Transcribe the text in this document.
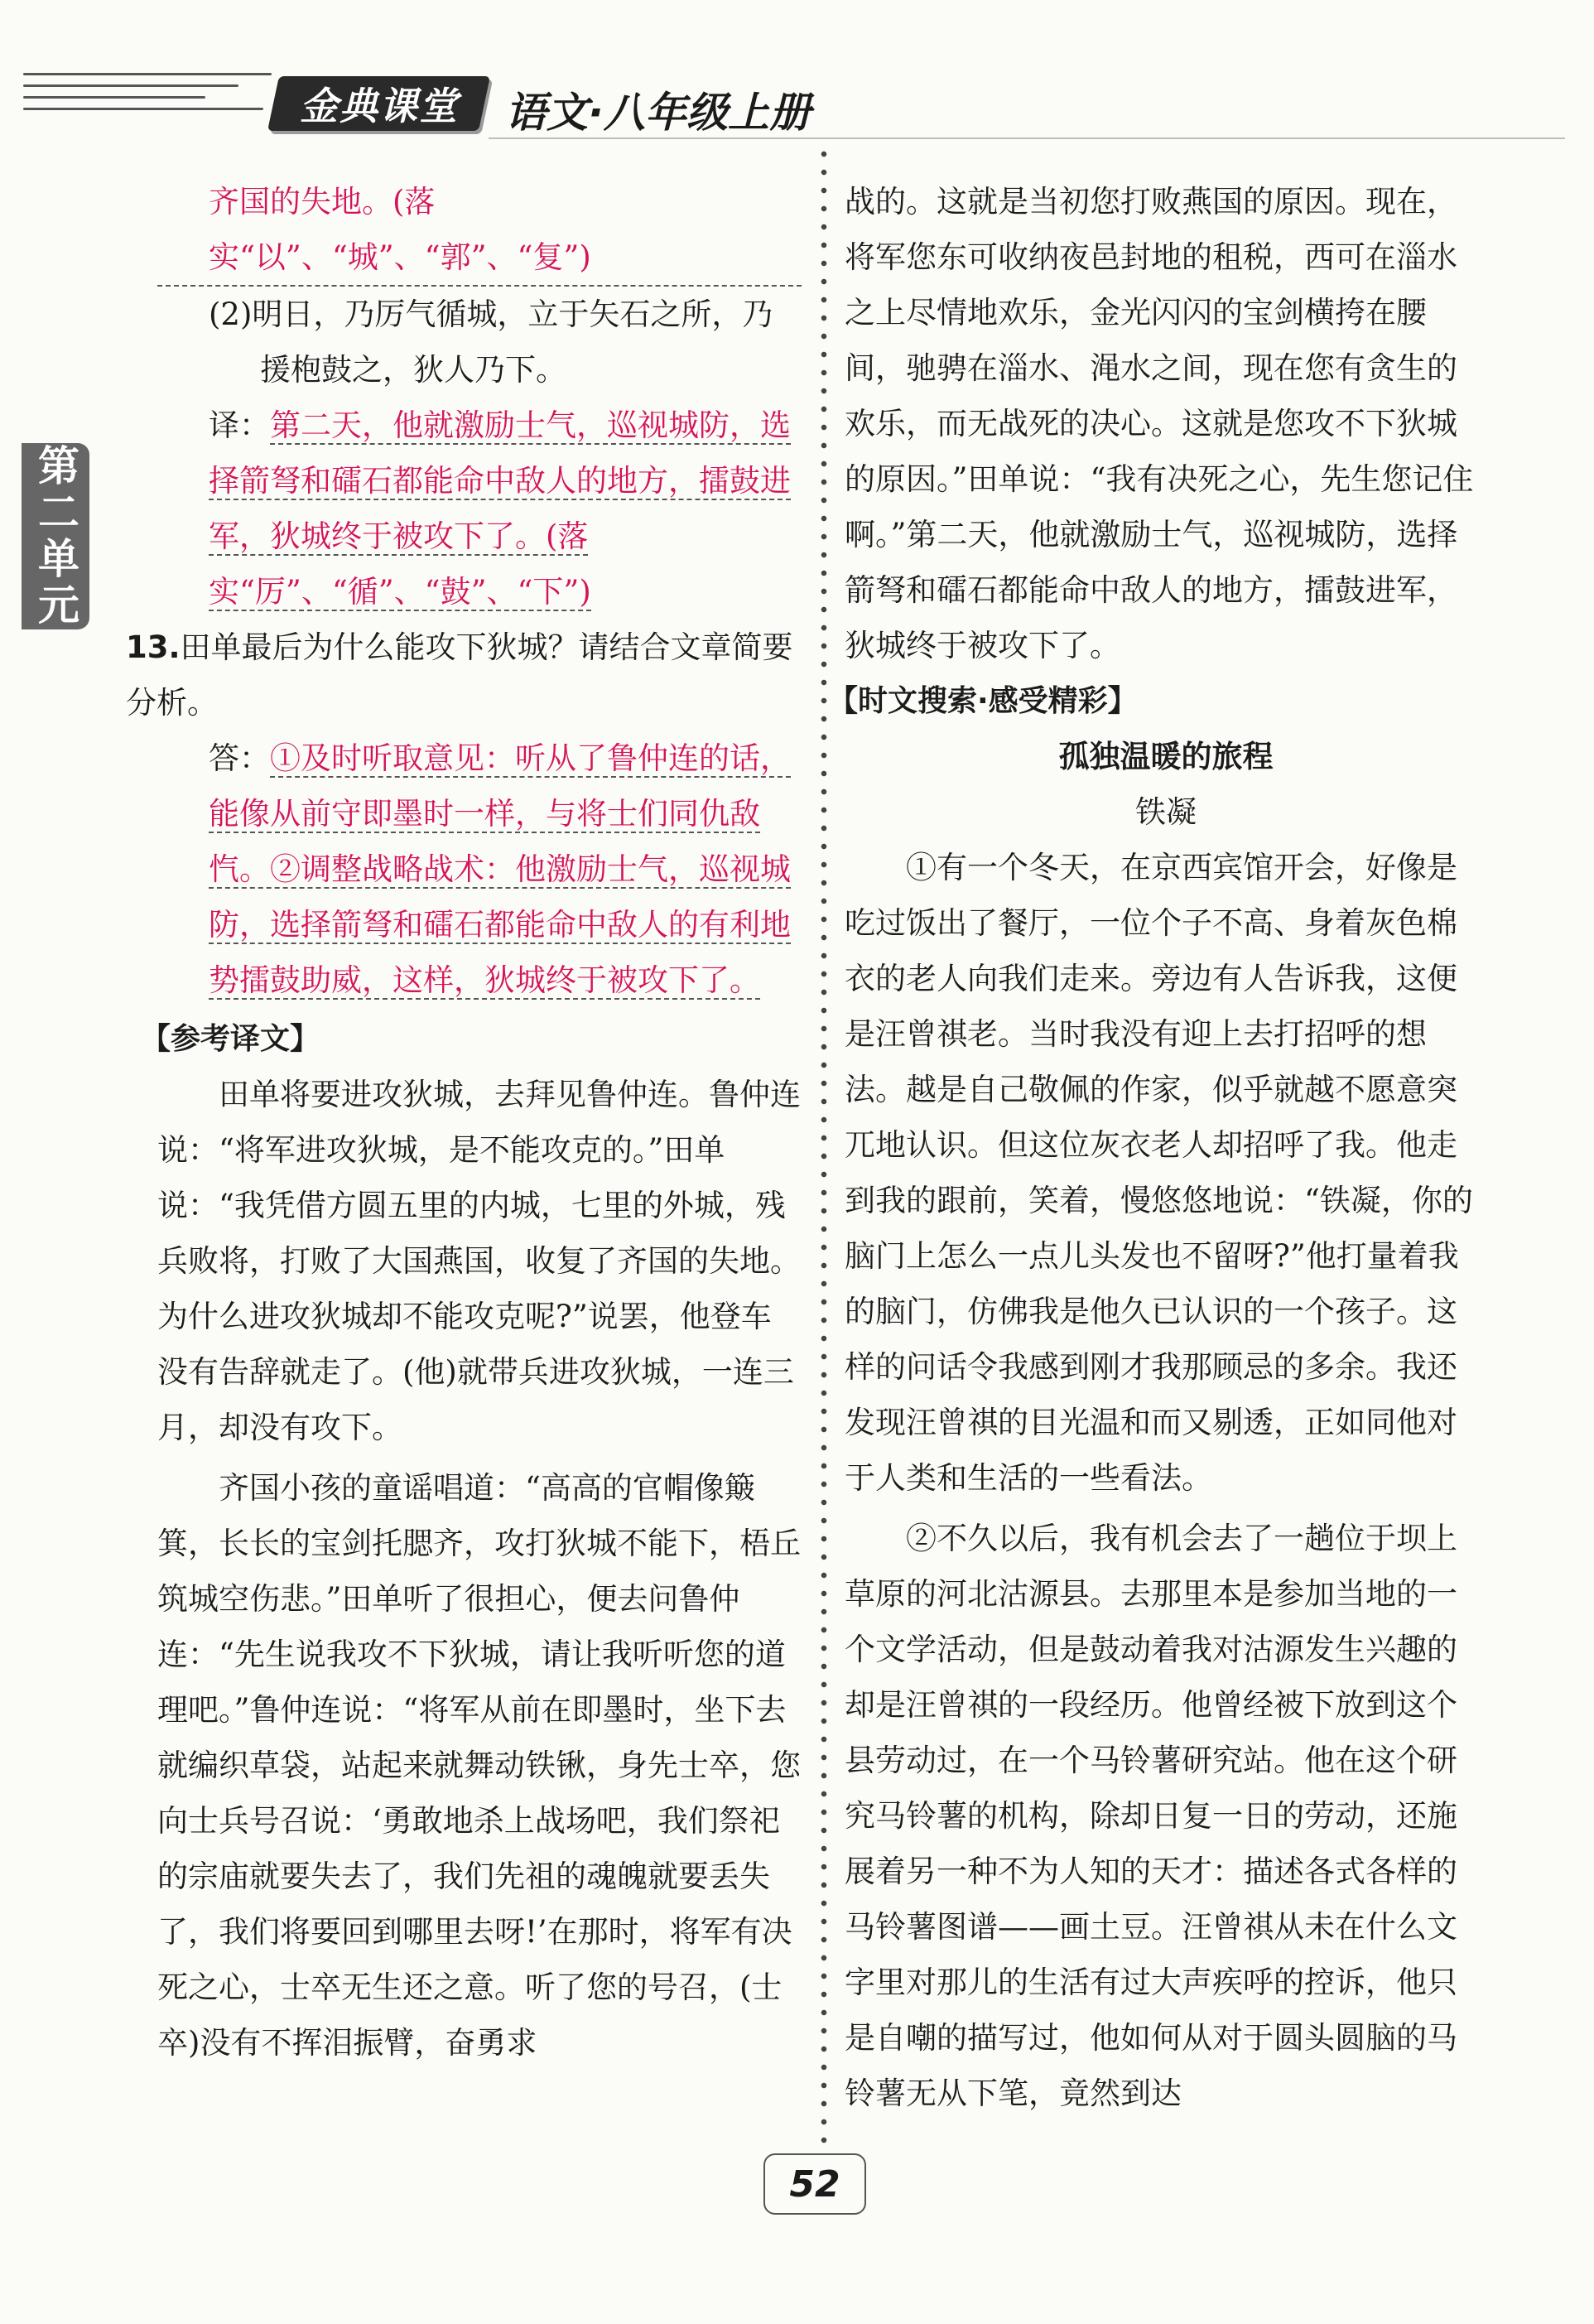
金典课堂 语文·八年级上册
第二单元

齐国的失地。(落实“以”、“城”、“郭”、“复”)

(2)明日，乃厉气循城，立于矢石之所，乃援枹鼓之，狄人乃下。

译：第二天，他就激励士气，巡视城防，选择箭弩和礌石都能命中敌人的地方，擂鼓进军，狄城终于被攻下了。(落实“厉”、“循”、“鼓”、“下”)

13.田单最后为什么能攻下狄城？请结合文章简要分析。

答：①及时听取意见：听从了鲁仲连的话，能像从前守即墨时一样，与将士们同仇敌忾。②调整战略战术：他激励士气，巡视城防，选择箭弩和礌石都能命中敌人的有利地势擂鼓助威，这样，狄城终于被攻下了。

【参考译文】

田单将要进攻狄城，去拜见鲁仲连。鲁仲连说：“将军进攻狄城，是不能攻克的。”田单说：“我凭借方圆五里的内城，七里的外城，残兵败将，打败了大国燕国，收复了齐国的失地。为什么进攻狄城却不能攻克呢?”说罢，他登车没有告辞就走了。(他)就带兵进攻狄城，一连三月，却没有攻下。

齐国小孩的童谣唱道：“高高的官帽像簸箕，长长的宝剑托腮齐，攻打狄城不能下，梧丘筑城空伤悲。”田单听了很担心，便去问鲁仲连：“先生说我攻不下狄城，请让我听听您的道理吧。”鲁仲连说：“将军从前在即墨时，坐下去就编织草袋，站起来就舞动铁锹，身先士卒，您向士兵号召说：‘勇敢地杀上战场吧，我们祭祀的宗庙就要失去了，我们先祖的魂魄就要丢失了，我们将要回到哪里去呀!’在那时，将军有决死之心，士卒无生还之意。听了您的号召，(士卒)没有不挥泪振臂，奋勇求

战的。这就是当初您打败燕国的原因。现在，将军您东可收纳夜邑封地的租税，西可在淄水之上尽情地欢乐，金光闪闪的宝剑横挎在腰间，驰骋在淄水、渑水之间，现在您有贪生的欢乐，而无战死的决心。这就是您攻不下狄城的原因。”田单说：“我有决死之心，先生您记住啊。”第二天，他就激励士气，巡视城防，选择箭弩和礌石都能命中敌人的地方，擂鼓进军，狄城终于被攻下了。

【时文搜索·感受精彩】

孤独温暖的旅程

铁凝

①有一个冬天，在京西宾馆开会，好像是吃过饭出了餐厅，一位个子不高、身着灰色棉衣的老人向我们走来。旁边有人告诉我，这便是汪曾祺老。当时我没有迎上去打招呼的想法。越是自己敬佩的作家，似乎就越不愿意突兀地认识。但这位灰衣老人却招呼了我。他走到我的跟前，笑着，慢悠悠地说：“铁凝，你的脑门上怎么一点儿头发也不留呀?”他打量着我的脑门，仿佛我是他久已认识的一个孩子。这样的问话令我感到刚才我那顾忌的多余。我还发现汪曾祺的目光温和而又剔透，正如同他对于人类和生活的一些看法。

②不久以后，我有机会去了一趟位于坝上草原的河北沽源县。去那里本是参加当地的一个文学活动，但是鼓动着我对沽源发生兴趣的却是汪曾祺的一段经历。他曾经被下放到这个县劳动过，在一个马铃薯研究站。他在这个研究马铃薯的机构，除却日复一日的劳动，还施展着另一种不为人知的天才：描述各式各样的马铃薯图谱——画土豆。汪曾祺从未在什么文字里对那儿的生活有过大声疾呼的控诉，他只是自嘲的描写过，他如何从对于圆头圆脑的马铃薯无从下笔，竟然到达

52
